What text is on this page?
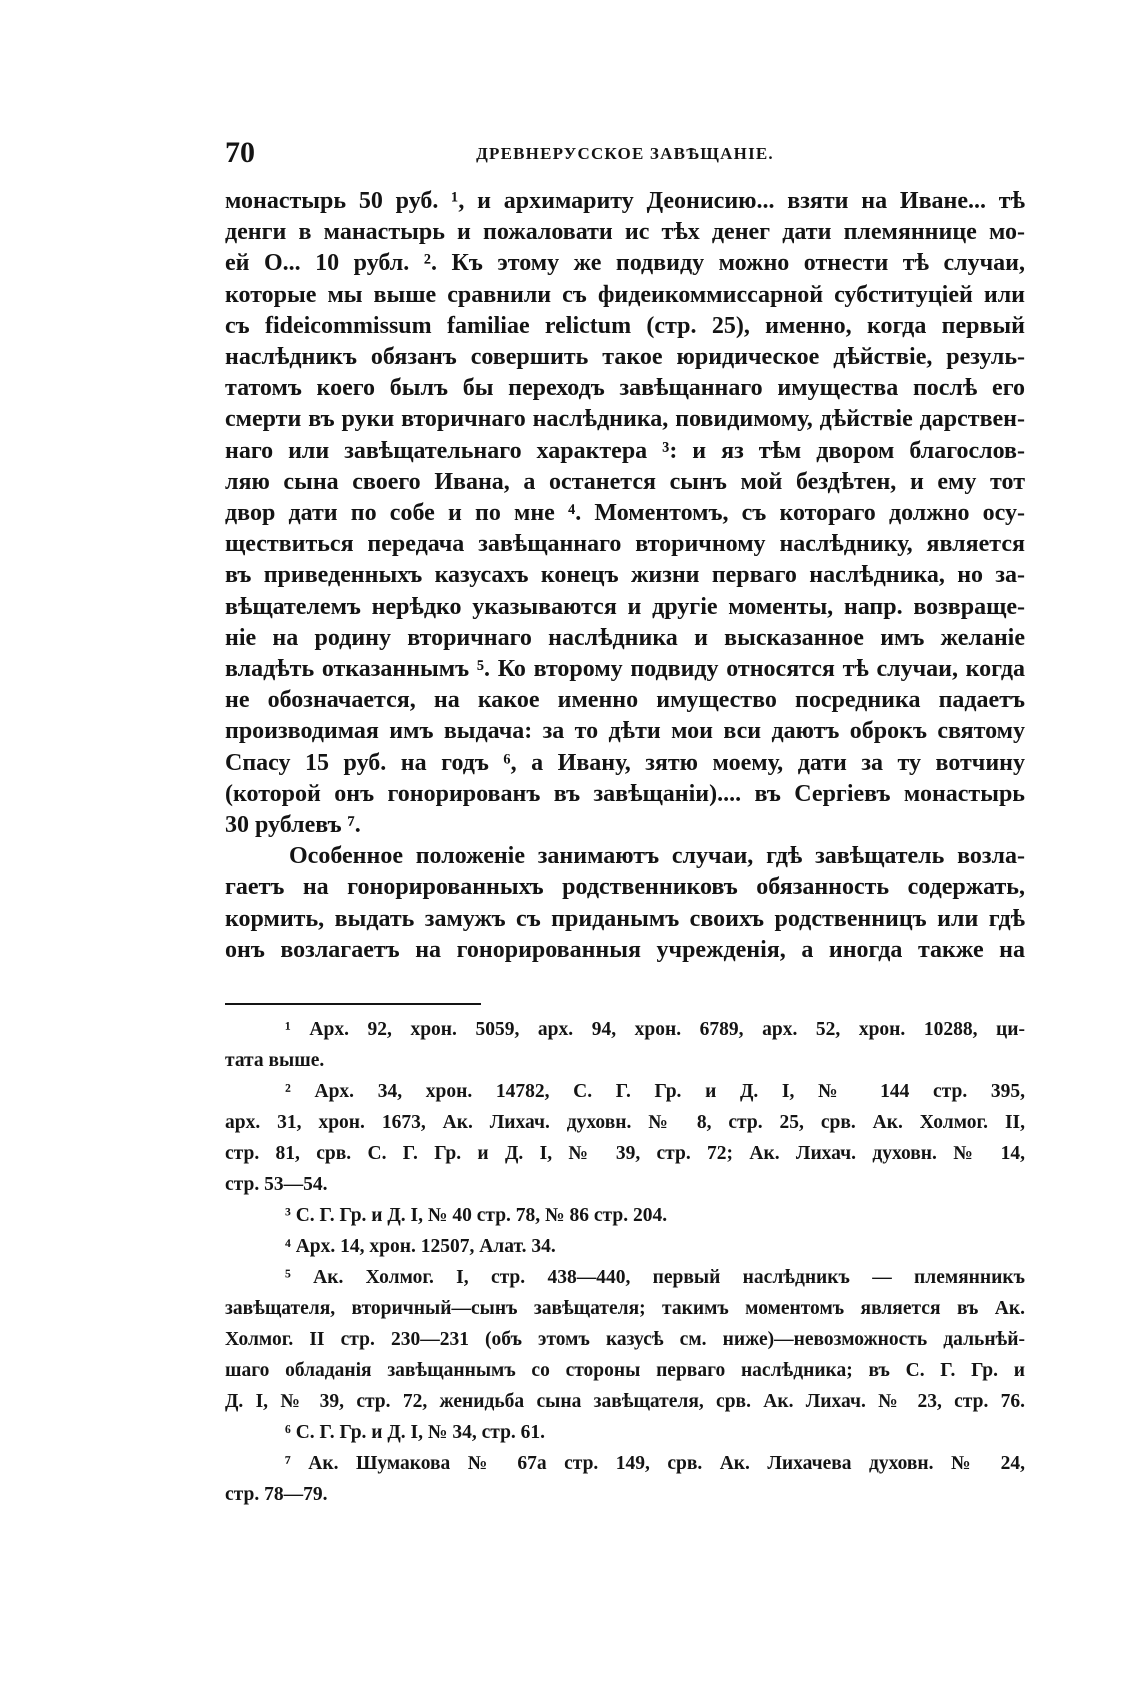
70	ДРЕВНЕРУССКОЕ ЗАВѢЩАНІЕ.

монастырь 50 руб. ¹, и архимариту Деонисию... взяти на Иване... тѣ

денги в манастырь и пожаловати ис тѣх денег дати племяннице мо-

ей О... 10 рубл. ². Къ этому же подвиду можно отнести тѣ случаи,

которые мы выше сравнили съ фидеикоммиссарной субституціей или

съ fideicommissum familiae relictum (стр. 25), именно, когда первый

наслѣдникъ обязанъ совершить такое юридическое дѣйствіе, резуль-

татомъ коего былъ бы переходъ завѣщаннаго имущества послѣ его

смерти въ руки вторичнаго наслѣдника, повидимому, дѣйствіе дарствен-

наго или завѣщательнаго характера ³: и яз тѣм двором благослов-

ляю сына своего Ивана, а останется сынъ мой бездѣтен, и ему тот

двор дати по собе и по мне ⁴. Моментомъ, съ котораго должно осу-

ществиться передача завѣщаннаго вторичному наслѣднику, является

въ приведенныхъ казусахъ конецъ жизни перваго наслѣдника, но за-

вѣщателемъ нерѣдко указываются и другіе моменты, напр. возвраще-

ніе на родину вторичнаго наслѣдника и высказанное имъ желаніе

владѣть отказаннымъ ⁵. Ко второму подвиду относятся тѣ случаи, когда

не обозначается, на какое именно имущество посредника падаетъ

производимая имъ выдача: за то дѣти мои вси даютъ оброкъ святому

Спасу 15 руб. на годъ ⁶, а Ивану, зятю моему, дати за ту вотчину

(которой онъ гонорированъ въ завѣщаніи).... въ Сергіевъ монастырь

30 рублевъ ⁷.

Особенное положеніе занимаютъ случаи, гдѣ завѣщатель возла-

гаетъ на гонорированныхъ родственниковъ обязанность содержать,

кормить, выдать замужъ съ приданымъ своихъ родственницъ или гдѣ

онъ возлагаетъ на гонорированныя учрежденія, а иногда также на

¹ Арх. 92, хрон. 5059, арх. 94, хрон. 6789, арх. 52, хрон. 10288, ци-
тата выше.
² Арх. 34, хрон. 14782, С. Г. Гр. и Д. I, № 144 стр. 395,
арх. 31, хрон. 1673, Ак. Лихач. духовн. № 8, стр. 25, срв. Ак. Холмог. II,
стр. 81, срв. С. Г. Гр. и Д. I, № 39, стр. 72; Ак. Лихач. духовн. № 14,
стр. 53—54.
³ С. Г. Гр. и Д. I, № 40 стр. 78, № 86 стр. 204.
⁴ Арх. 14, хрон. 12507, Алат. 34.
⁵ Ак. Холмог. I, стр. 438—440, первый наслѣдникъ — племянникъ
завѣщателя, вторичный—сынъ завѣщателя; такимъ моментомъ является въ Ак.
Холмог. II стр. 230—231 (объ этомъ казусѣ см. ниже)—невозможность дальнѣй-
шаго обладанія завѣщаннымъ со стороны перваго наслѣдника; въ С. Г. Гр. и
Д. I, № 39, стр. 72, женидьба сына завѣщателя, срв. Ак. Лихач. № 23, стр. 76.
⁶ С. Г. Гр. и Д. I, № 34, стр. 61.
⁷ Ак. Шумакова № 67а стр. 149, срв. Ак. Лихачева духовн. № 24,
стр. 78—79.
